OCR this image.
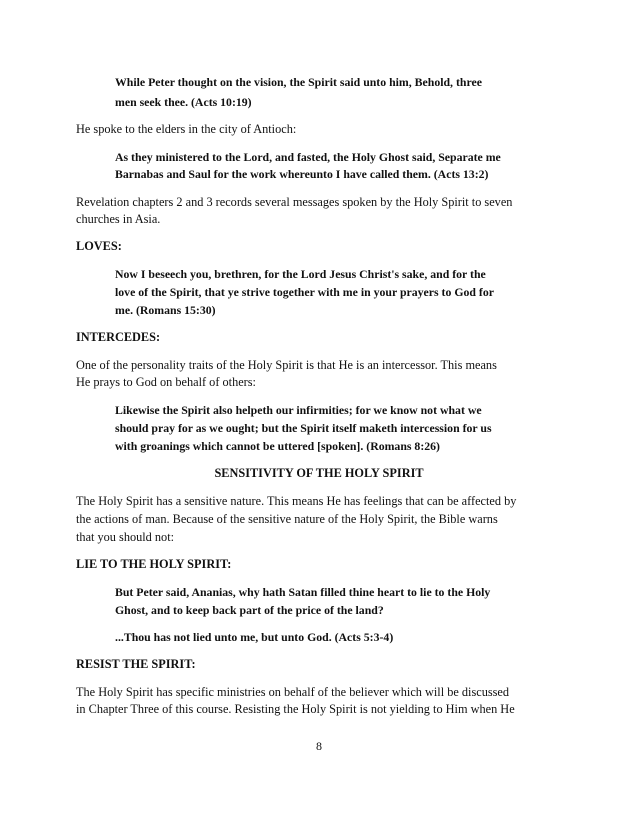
While Peter thought on the vision, the Spirit said unto him, Behold, three
men seek thee. (Acts 10:19)
He spoke to the elders in the city of Antioch:
As they ministered to the Lord, and fasted, the Holy Ghost said, Separate me
Barnabas and Saul for the work whereunto I have called them. (Acts 13:2)
Revelation chapters 2 and 3 records several messages spoken by the Holy Spirit to seven
churches in Asia.
LOVES:
Now I beseech you, brethren, for the Lord Jesus Christ's sake, and for the
love of the Spirit, that ye strive together with me in your prayers to God for
me. (Romans 15:30)
INTERCEDES:
One of the personality traits of the Holy Spirit is that He is an intercessor. This means
He prays to God on behalf of others:
Likewise the Spirit also helpeth our infirmities; for we know not what we
should pray for as we ought; but the Spirit itself maketh intercession for us
with groanings which cannot be uttered [spoken]. (Romans 8:26)
SENSITIVITY OF THE HOLY SPIRIT
The Holy Spirit has a sensitive nature. This means He has feelings that can be affected by
the actions of man. Because of the sensitive nature of the Holy Spirit, the Bible warns
that you should not:
LIE TO THE HOLY SPIRIT:
But Peter said, Ananias, why hath Satan filled thine heart to lie to the Holy
Ghost, and to keep back part of the price of the land?
...Thou has not lied unto me, but unto God. (Acts 5:3-4)
RESIST THE SPIRIT:
The Holy Spirit has specific ministries on behalf of the believer which will be discussed
in Chapter Three of this course. Resisting the Holy Spirit is not yielding to Him when He
8
